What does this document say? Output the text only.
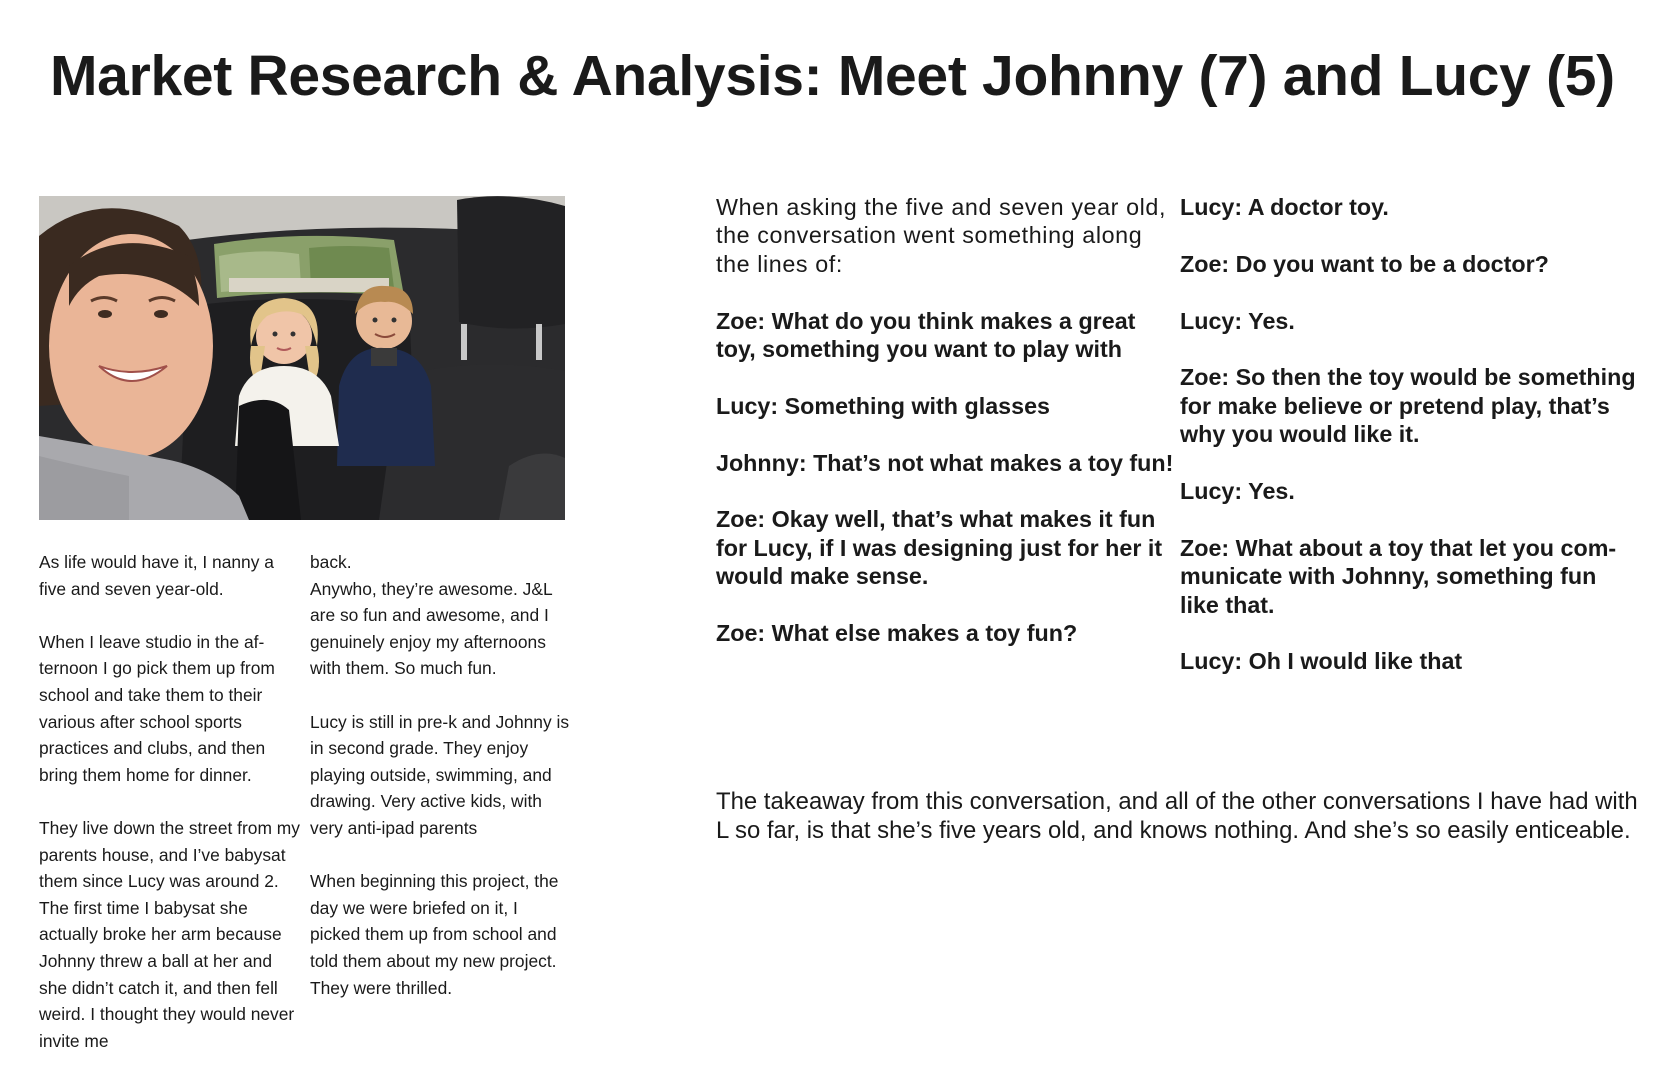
Market Research & Analysis: Meet Johnny (7) and Lucy (5)

As life would have it, I nanny a five and seven year-old.

When I leave studio in the afternoon I go pick them up from school and take them to their various after school sports practices and clubs, and then bring them home for dinner.

They live down the street from my parents house, and I’ve babysat them since Lucy was around 2. The first time I babysat she actually broke her arm because Johnny threw a ball at her and she didn’t catch it, and then fell weird. I thought they would never invite me

back.

Anywho, they’re awesome. J&L are so fun and awesome, and I genuinely enjoy my afternoons with them. So much fun.

Lucy is still in pre-k and Johnny is in second grade. They enjoy playing outside, swimming, and drawing. Very active kids, with very anti-ipad parents

When beginning this project, the day we were briefed on it, I picked them up from school and told them about my new project. They were thrilled.

When asking the five and seven year old, the conversation went something along the lines of:

Zoe: What do you think makes a great toy, something you want to play with

Lucy: Something with glasses

Johnny: That’s not what makes a toy fun!

Zoe: Okay well, that’s what makes it fun for Lucy, if I was designing just for her it would make sense.

Zoe: What else makes a toy fun?

Lucy: A doctor toy.

Zoe: Do you want to be a doctor?

Lucy: Yes.

Zoe: So then the toy would be something for make believe or pretend play, that’s why you would like it.

Lucy: Yes.

Zoe: What about a toy that let you communicate with Johnny, something fun like that.

Lucy: Oh I would like that

The takeaway from this conversation, and all of the other conversations I have had with L so far, is that she’s five years old, and knows nothing. And she’s so easily enticeable.
